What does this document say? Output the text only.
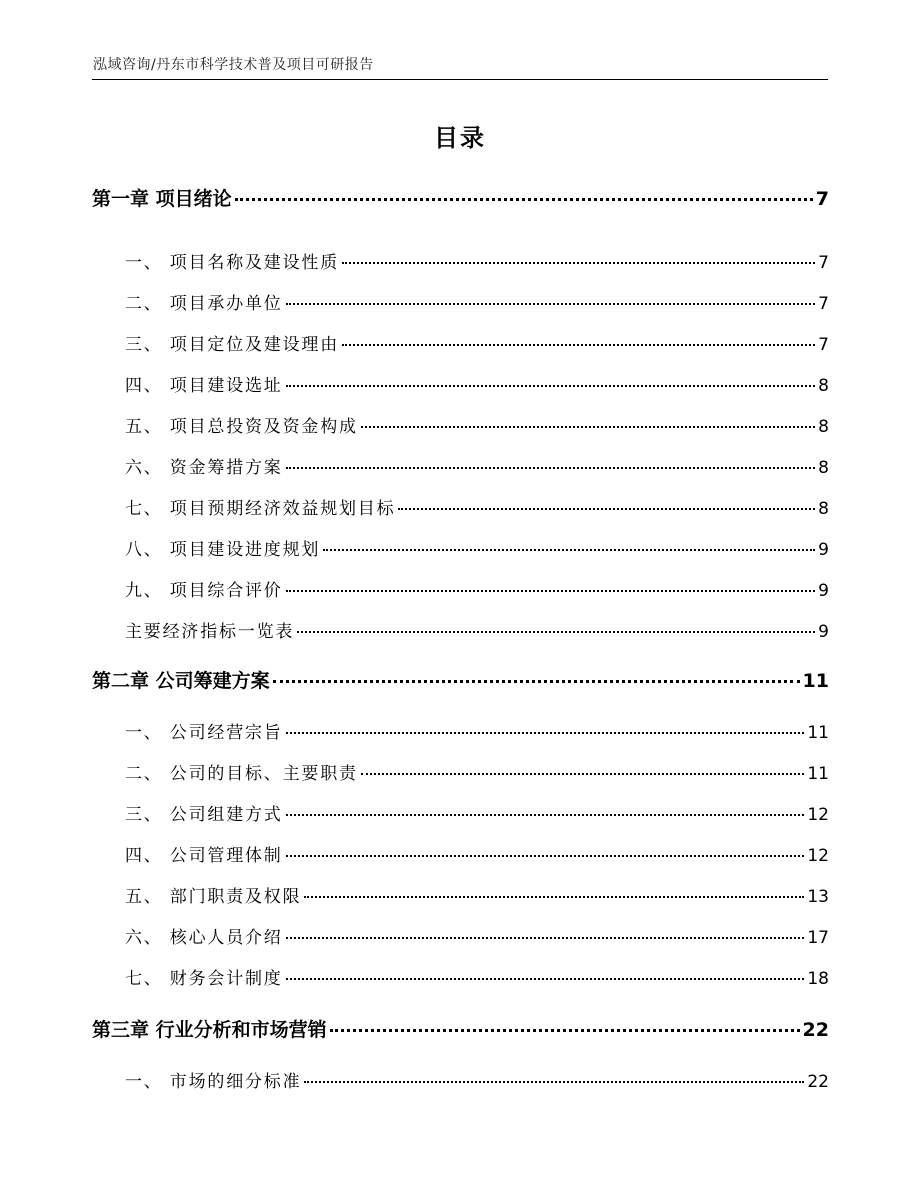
泓域咨询/丹东市科学技术普及项目可研报告
目录
第一章 项目绪论	7
一、 项目名称及建设性质	7
二、 项目承办单位	7
三、 项目定位及建设理由	7
四、 项目建设选址	8
五、 项目总投资及资金构成	8
六、 资金筹措方案	8
七、 项目预期经济效益规划目标	8
八、 项目建设进度规划	9
九、 项目综合评价	9
主要经济指标一览表	9
第二章 公司筹建方案	11
一、 公司经营宗旨	11
二、 公司的目标、主要职责	11
三、 公司组建方式	12
四、 公司管理体制	12
五、 部门职责及权限	13
六、 核心人员介绍	17
七、 财务会计制度	18
第三章 行业分析和市场营销	22
一、 市场的细分标准	22
